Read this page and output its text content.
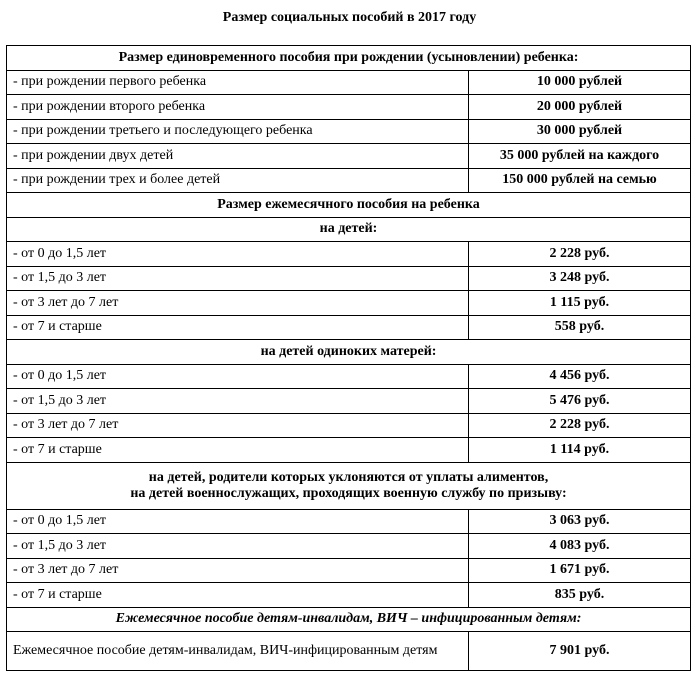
Размер социальных пособий в 2017 году
Размер единовременного пособия при рождении (усыновлении) ребенка:	
- при рождении первого ребенка	10 000 рублей
- при рождении второго ребенка	20 000 рублей
- при рождении третьего и последующего ребенка	30 000 рублей
- при рождении двух детей	35 000 рублей на каждого
- при рождении трех и более детей	150 000 рублей на семью
Размер ежемесячного пособия на ребенка	
на детей:	
- от 0 до 1,5 лет	2 228 руб.
- от 1,5 до 3 лет	3 248 руб.
- от 3 лет до 7 лет	1 115 руб.
- от 7 и старше	558 руб.
на детей одиноких матерей:	
- от 0 до 1,5 лет	4 456 руб.
- от 1,5 до 3 лет	5 476 руб.
- от 3 лет до 7 лет	2 228 руб.
- от 7 и старше	1 114 руб.

на детей, родители которых уклоняются от уплаты алиментов,
на детей военнослужащих, проходящих военную службу по призыву:	

- от 0 до 1,5 лет	3 063 руб.
- от 1,5 до 3 лет	4 083 руб.
- от 3 лет до 7 лет	1 671 руб.
- от 7 и старше	835 руб.
Ежемесячное пособие детям-инвалидам, ВИЧ – инфицированным детям:	
Ежемесячное пособие детям-инвалидам, ВИЧ-инфицированным детям	7 901 руб.
